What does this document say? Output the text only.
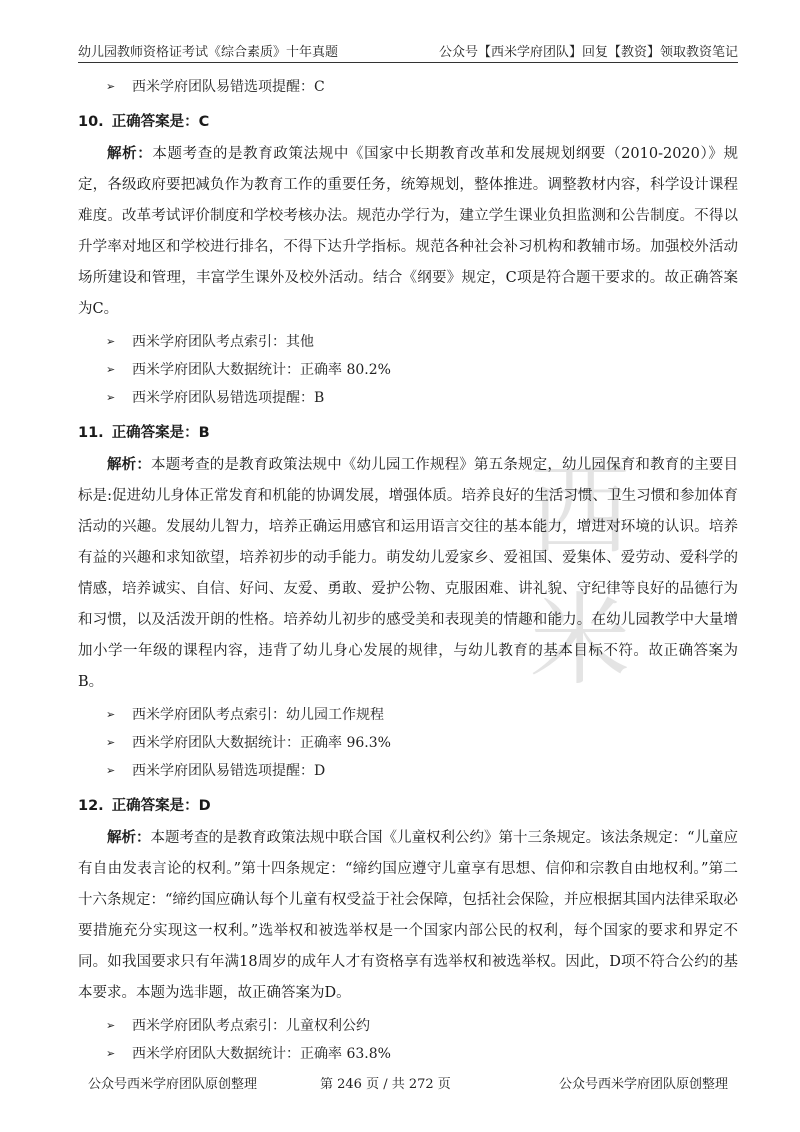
幼儿园教师资格证考试《综合素质》十年真题	公众号【西米学府团队】回复【教资】领取教资笔记
西
米
➢ 西米学府团队易错选项提醒：C
10. 正确答案是：C

解析：本题考查的是教育政策法规中《国家中长期教育改革和发展规划纲要（2010-2020）》规定，各级政府要把减负作为教育工作的重要任务，统筹规划，整体推进。调整教材内容，科学设计课程难度。改革考试评价制度和学校考核办法。规范办学行为，建立学生课业负担监测和公告制度。不得以升学率对地区和学校进行排名，不得下达升学指标。规范各种社会补习机构和教辅市场。加强校外活动场所建设和管理，丰富学生课外及校外活动。结合《纲要》规定，C项是符合题干要求的。故正确答案为C。

➢ 西米学府团队考点索引：其他
➢ 西米学府团队大数据统计：正确率 80.2%
➢ 西米学府团队易错选项提醒：B
11. 正确答案是：B

解析：本题考查的是教育政策法规中《幼儿园工作规程》第五条规定，幼儿园保育和教育的主要目标是:促进幼儿身体正常发育和机能的协调发展，增强体质。培养良好的生活习惯、卫生习惯和参加体育活动的兴趣。发展幼儿智力，培养正确运用感官和运用语言交往的基本能力，增进对环境的认识。培养有益的兴趣和求知欲望，培养初步的动手能力。萌发幼儿爱家乡、爱祖国、爱集体、爱劳动、爱科学的情感，培养诚实、自信、好问、友爱、勇敢、爱护公物、克服困难、讲礼貌、守纪律等良好的品德行为和习惯，以及活泼开朗的性格。培养幼儿初步的感受美和表现美的情趣和能力。在幼儿园教学中大量增加小学一年级的课程内容，违背了幼儿身心发展的规律，与幼儿教育的基本目标不符。故正确答案为B。

➢ 西米学府团队考点索引：幼儿园工作规程
➢ 西米学府团队大数据统计：正确率 96.3%
➢ 西米学府团队易错选项提醒：D
12. 正确答案是：D

解析：本题考查的是教育政策法规中联合国《儿童权利公约》第十三条规定。该法条规定：“儿童应有自由发表言论的权利。”第十四条规定：“缔约国应遵守儿童享有思想、信仰和宗教自由地权利。”第二十六条规定：“缔约国应确认每个儿童有权受益于社会保障，包括社会保险，并应根据其国内法律采取必要措施充分实现这一权利。”选举权和被选举权是一个国家内部公民的权利，每个国家的要求和界定不同。如我国要求只有年满18周岁的成年人才有资格享有选举权和被选举权。因此，D项不符合公约的基本要求。本题为选非题，故正确答案为D。

➢ 西米学府团队考点索引：儿童权利公约
➢ 西米学府团队大数据统计：正确率 63.8%
公众号西米学府团队原创整理	第 246 页 / 共 272 页	公众号西米学府团队原创整理
